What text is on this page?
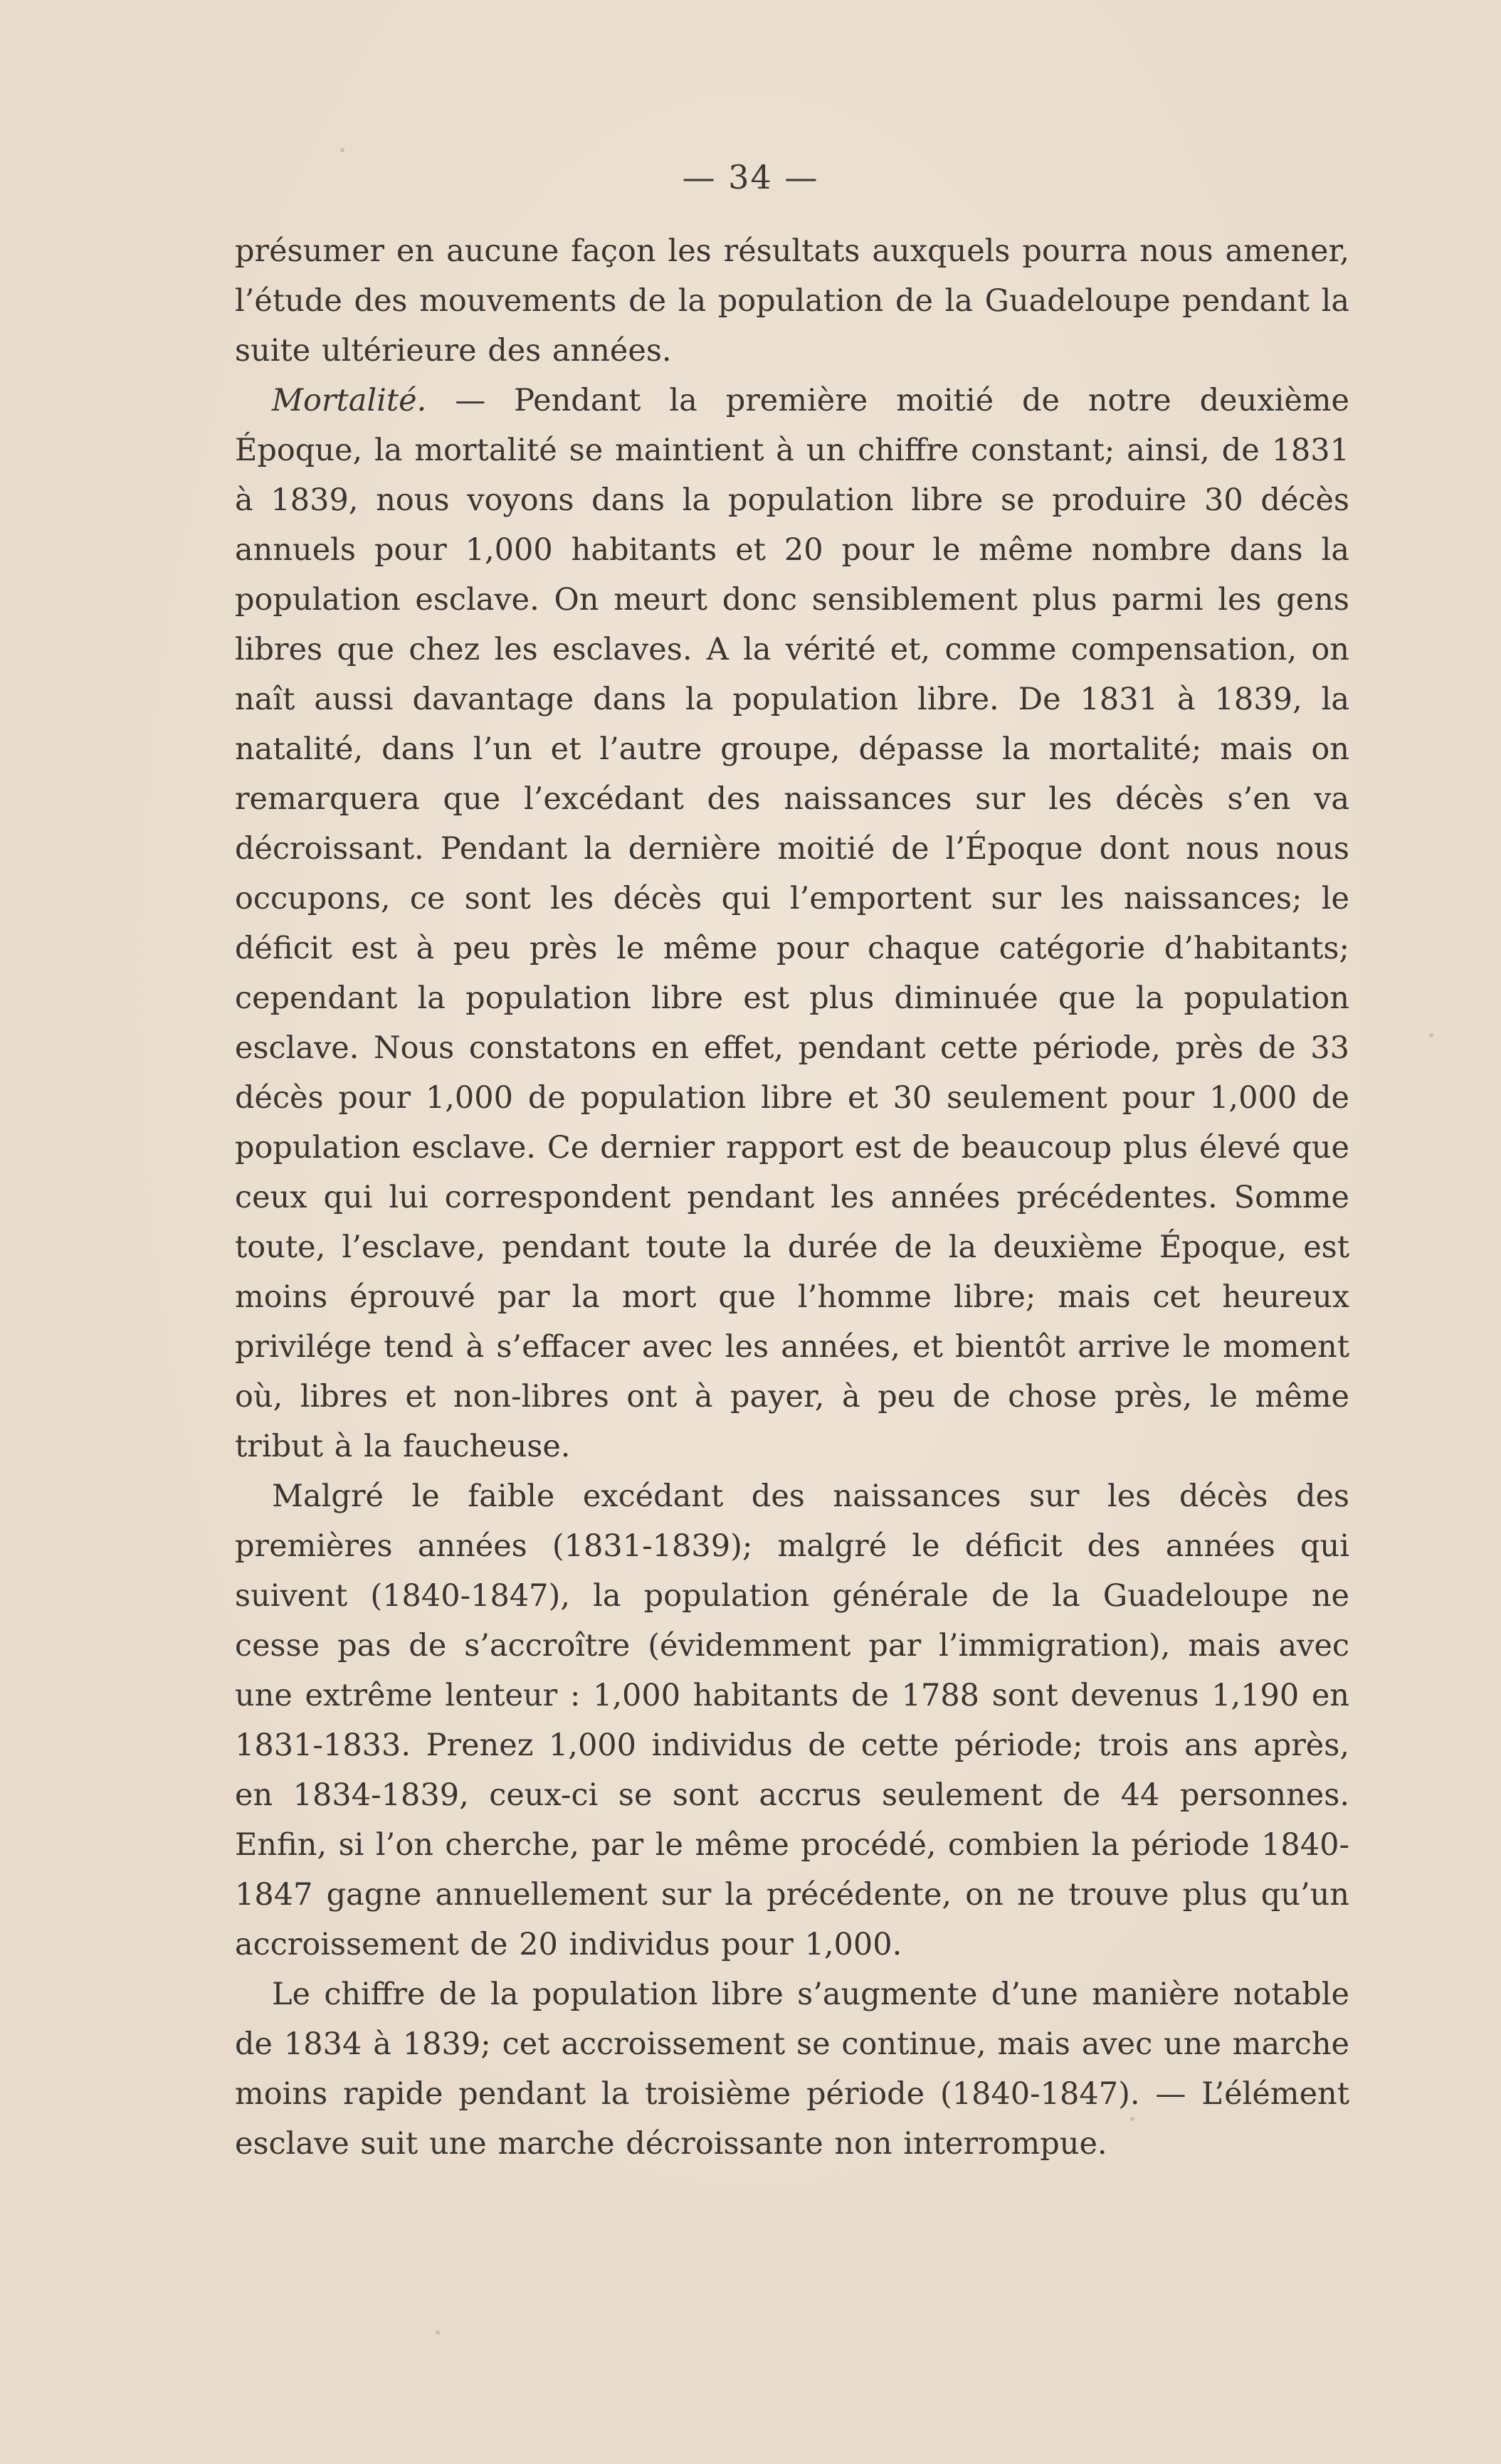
— 34 —

présumer en aucune façon les résultats auxquels pourra nous amener, l’étude des mouvements de la population de la Guadeloupe pendant la suite ultérieure des années.

Mortalité. — Pendant la première moitié de notre deuxième Époque, la mortalité se maintient à un chiffre constant; ainsi, de 1831 à 1839, nous voyons dans la population libre se produire 30 décès annuels pour 1,000 habitants et 20 pour le même nombre dans la population esclave. On meurt donc sensiblement plus parmi les gens libres que chez les esclaves. A la vérité et, comme compensation, on naît aussi davantage dans la population libre. De 1831 à 1839, la natalité, dans l’un et l’autre groupe, dépasse la mortalité; mais on remarquera que l’excédant des naissances sur les décès s’en va décroissant. Pendant la dernière moitié de l’Époque dont nous nous occupons, ce sont les décès qui l’emportent sur les naissances; le déficit est à peu près le même pour chaque catégorie d’habitants; cependant la population libre est plus diminuée que la population esclave. Nous constatons en effet, pendant cette période, près de 33 décès pour 1,000 de population libre et 30 seulement pour 1,000 de population esclave. Ce dernier rapport est de beaucoup plus élevé que ceux qui lui correspondent pendant les années précédentes. Somme toute, l’esclave, pendant toute la durée de la deuxième Époque, est moins éprouvé par la mort que l’homme libre; mais cet heureux privilége tend à s’effacer avec les années, et bientôt arrive le moment où, libres et non-libres ont à payer, à peu de chose près, le même tribut à la faucheuse.

Malgré le faible excédant des naissances sur les décès des premières années (1831-1839); malgré le déficit des années qui suivent (1840-1847), la population générale de la Guadeloupe ne cesse pas de s’accroître (évidemment par l’immigration), mais avec une extrême lenteur : 1,000 habitants de 1788 sont devenus 1,190 en 1831-1833. Prenez 1,000 individus de cette période; trois ans après, en 1834-1839, ceux-ci se sont accrus seulement de 44 personnes. Enfin, si l’on cherche, par le même procédé, combien la période 1840-1847 gagne annuellement sur la précédente, on ne trouve plus qu’un accroissement de 20 individus pour 1,000.

Le chiffre de la population libre s’augmente d’une manière notable de 1834 à 1839; cet accroissement se continue, mais avec une marche moins rapide pendant la troisième période (1840-1847). — L’élément esclave suit une marche décroissante non interrompue.
